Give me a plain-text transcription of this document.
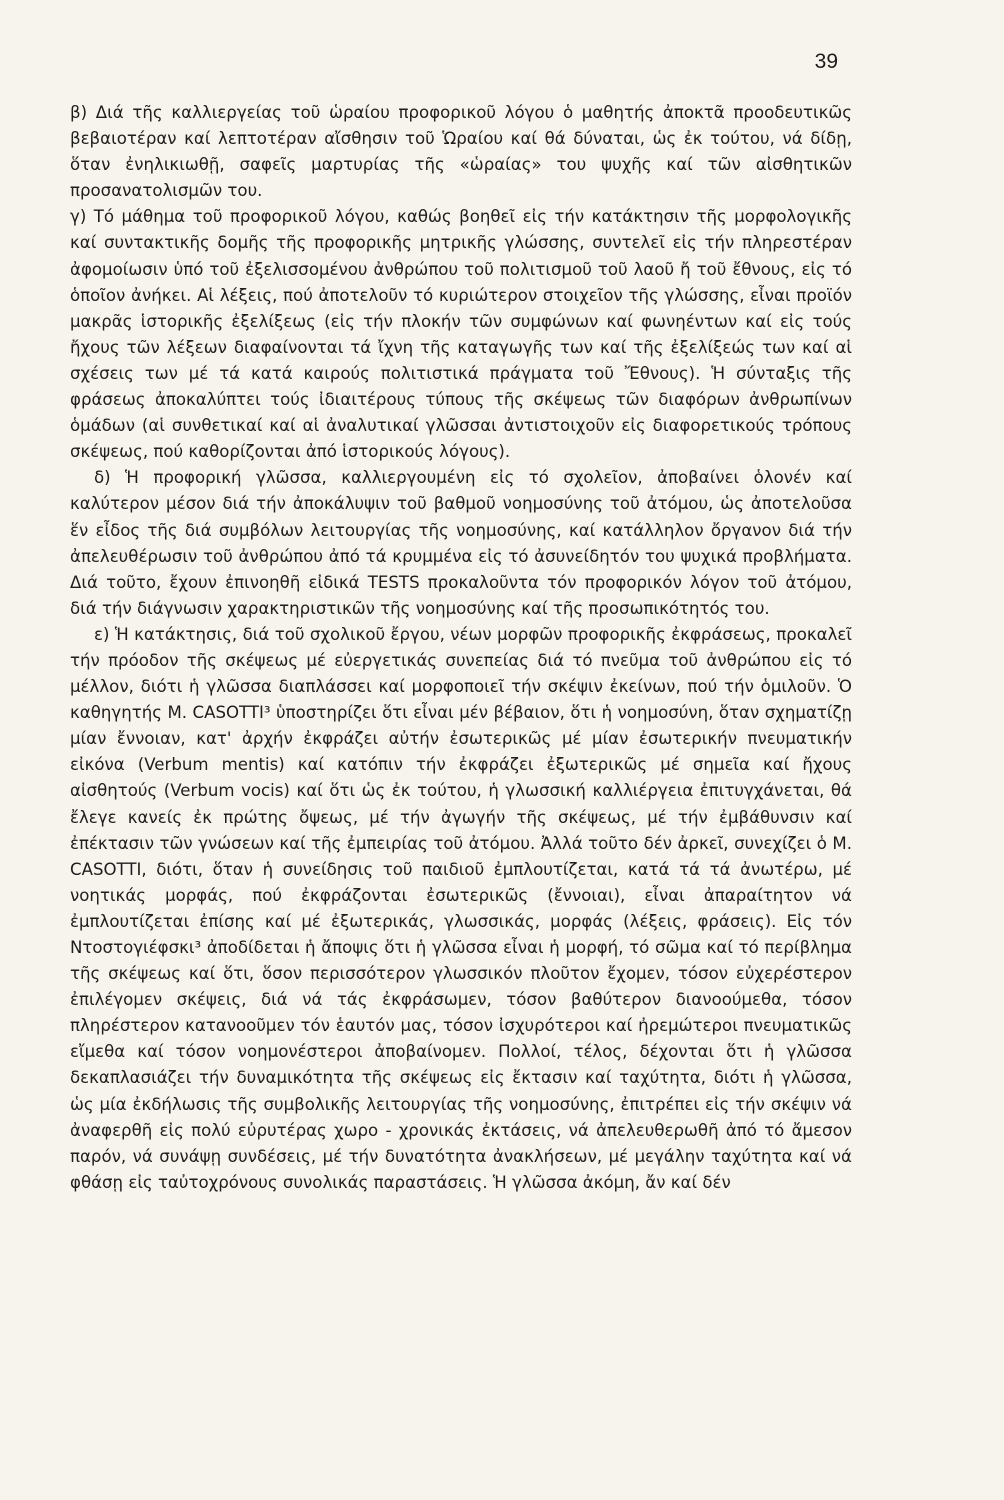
39

β) Διά τῆς καλλιεργείας τοῦ ὡραίου προφορικοῦ λόγου ὁ μαθητής ἀποκτᾶ προοδευτικῶς βεβαιοτέραν καί λεπτοτέραν αἴσθησιν τοῦ Ὡραίου καί θά δύναται, ὡς ἐκ τούτου, νά δίδῃ, ὅταν ἐνηλικιωθῇ, σαφεῖς μαρτυρίας τῆς «ὡραίας» του ψυχῆς καί τῶν αἰσθητικῶν προσανατολισμῶν του.

γ) Τό μάθημα τοῦ προφορικοῦ λόγου, καθώς βοηθεῖ εἰς τήν κατάκτησιν τῆς μορφολογικῆς καί συντακτικῆς δομῆς τῆς προφορικῆς μητρικῆς γλώσσης, συντελεῖ εἰς τήν πληρεστέραν ἀφομοίωσιν ὑπό τοῦ ἐξελισσομένου ἀνθρώπου τοῦ πολιτισμοῦ τοῦ λαοῦ ἤ τοῦ ἔθνους, εἰς τό ὁποῖον ἀνήκει. Αἱ λέξεις, πού ἀποτελοῦν τό κυριώτερον στοιχεῖον τῆς γλώσσης, εἶναι προϊόν μακρᾶς ἱστορικῆς ἐξελίξεως (εἰς τήν πλοκήν τῶν συμφώνων καί φωνηέντων καί εἰς τούς ἤχους τῶν λέξεων διαφαίνονται τά ἴχνη τῆς καταγωγῆς των καί τῆς ἐξελίξεώς των καί αἱ σχέσεις των μέ τά κατά καιρούς πολιτιστικά πράγματα τοῦ Ἔθνους). Ἡ σύνταξις τῆς φράσεως ἀποκαλύπτει τούς ἰδιαιτέρους τύπους τῆς σκέψεως τῶν διαφόρων ἀνθρωπίνων ὁμάδων (αἱ συνθετικαί καί αἱ ἀναλυτικαί γλῶσσαι ἀντιστοιχοῦν εἰς διαφορετικούς τρόπους σκέψεως, πού καθορίζονται ἀπό ἱστορικούς λόγους).

δ) Ἡ προφορική γλῶσσα, καλλιεργουμένη εἰς τό σχολεῖον, ἀποβαίνει ὁλονέν καί καλύτερον μέσον διά τήν ἀποκάλυψιν τοῦ βαθμοῦ νοημοσύνης τοῦ ἀτόμου, ὡς ἀποτελοῦσα ἕν εἶδος τῆς διά συμβόλων λειτουργίας τῆς νοημοσύνης, καί κατάλληλον ὄργανον διά τήν ἀπελευθέρωσιν τοῦ ἀνθρώπου ἀπό τά κρυμμένα εἰς τό ἀσυνείδητόν του ψυχικά προβλήματα. Διά τοῦτο, ἔχουν ἐπινοηθῆ εἰδικά TESTS προκαλοῦντα τόν προφορικόν λόγον τοῦ ἀτόμου, διά τήν διάγνωσιν χαρακτηριστικῶν τῆς νοημοσύνης καί τῆς προσωπικότητός του.

ε) Ἡ κατάκτησις, διά τοῦ σχολικοῦ ἔργου, νέων μορφῶν προφορικῆς ἐκφράσεως, προκαλεῖ τήν πρόοδον τῆς σκέψεως μέ εὐεργετικάς συνεπείας διά τό πνεῦμα τοῦ ἀνθρώπου εἰς τό μέλλον, διότι ἡ γλῶσσα διαπλάσσει καί μορφοποιεῖ τήν σκέψιν ἐκείνων, πού τήν ὁμιλοῦν. Ὁ καθηγητής M. CASOTTI³ ὑποστηρίζει ὅτι εἶναι μέν βέβαιον, ὅτι ἡ νοημοσύνη, ὅταν σχηματίζῃ μίαν ἔννοιαν, κατ' ἀρχήν ἐκφράζει αὐτήν ἐσωτερικῶς μέ μίαν ἐσωτερικήν πνευματικήν εἰκόνα (Verbum mentis) καί κατόπιν τήν ἐκφράζει ἐξωτερικῶς μέ σημεῖα καί ἤχους αἰσθητούς (Verbum vocis) καί ὅτι ὡς ἐκ τούτου, ἡ γλωσσική καλλιέργεια ἐπιτυγχάνεται, θά ἔλεγε κανείς ἐκ πρώτης ὄψεως, μέ τήν ἀγωγήν τῆς σκέψεως, μέ τήν ἐμβάθυνσιν καί ἐπέκτασιν τῶν γνώσεων καί τῆς ἐμπειρίας τοῦ ἀτόμου. Ἀλλά τοῦτο δέν ἀρκεῖ, συνεχίζει ὁ M. CASOTTI, διότι, ὅταν ἡ συνείδησις τοῦ παιδιοῦ ἐμπλουτίζεται, κατά τά τά ἀνωτέρω, μέ νοητικάς μορφάς, πού ἐκφράζονται ἐσωτερικῶς (ἔννοιαι), εἶναι ἀπαραίτητον νά ἐμπλουτίζεται ἐπίσης καί μέ ἐξωτερικάς, γλωσσικάς, μορφάς (λέξεις, φράσεις). Εἰς τόν Ντοστογιέφσκι³ ἀποδίδεται ἡ ἄποψις ὅτι ἡ γλῶσσα εἶναι ἡ μορφή, τό σῶμα καί τό περίβλημα τῆς σκέψεως καί ὅτι, ὅσον περισσότερον γλωσσικόν πλοῦτον ἔχομεν, τόσον εὐχερέστερον ἐπιλέγομεν σκέψεις, διά νά τάς ἐκφράσωμεν, τόσον βαθύτερον διανοούμεθα, τόσον πληρέστερον κατανοοῦμεν τόν ἑαυτόν μας, τόσον ἰσχυρότεροι καί ἠρεμώτεροι πνευματικῶς εἴμεθα καί τόσον νοημονέστεροι ἀποβαίνομεν. Πολλοί, τέλος, δέχονται ὅτι ἡ γλῶσσα δεκαπλασιάζει τήν δυναμικότητα τῆς σκέψεως εἰς ἔκτασιν καί ταχύτητα, διότι ἡ γλῶσσα, ὡς μία ἐκδήλωσις τῆς συμβολικῆς λειτουργίας τῆς νοημοσύνης, ἐπιτρέπει εἰς τήν σκέψιν νά ἀναφερθῆ εἰς πολύ εὐρυτέρας χωρο - χρονικάς ἐκτάσεις, νά ἀπελευθερωθῆ ἀπό τό ἄμεσον παρόν, νά συνάψῃ συνδέσεις, μέ τήν δυνατότητα ἀνακλήσεων, μέ μεγάλην ταχύτητα καί νά φθάσῃ εἰς ταὐτοχρόνους συνολικάς παραστάσεις. Ἡ γλῶσσα ἀκόμη, ἄν καί δέν
